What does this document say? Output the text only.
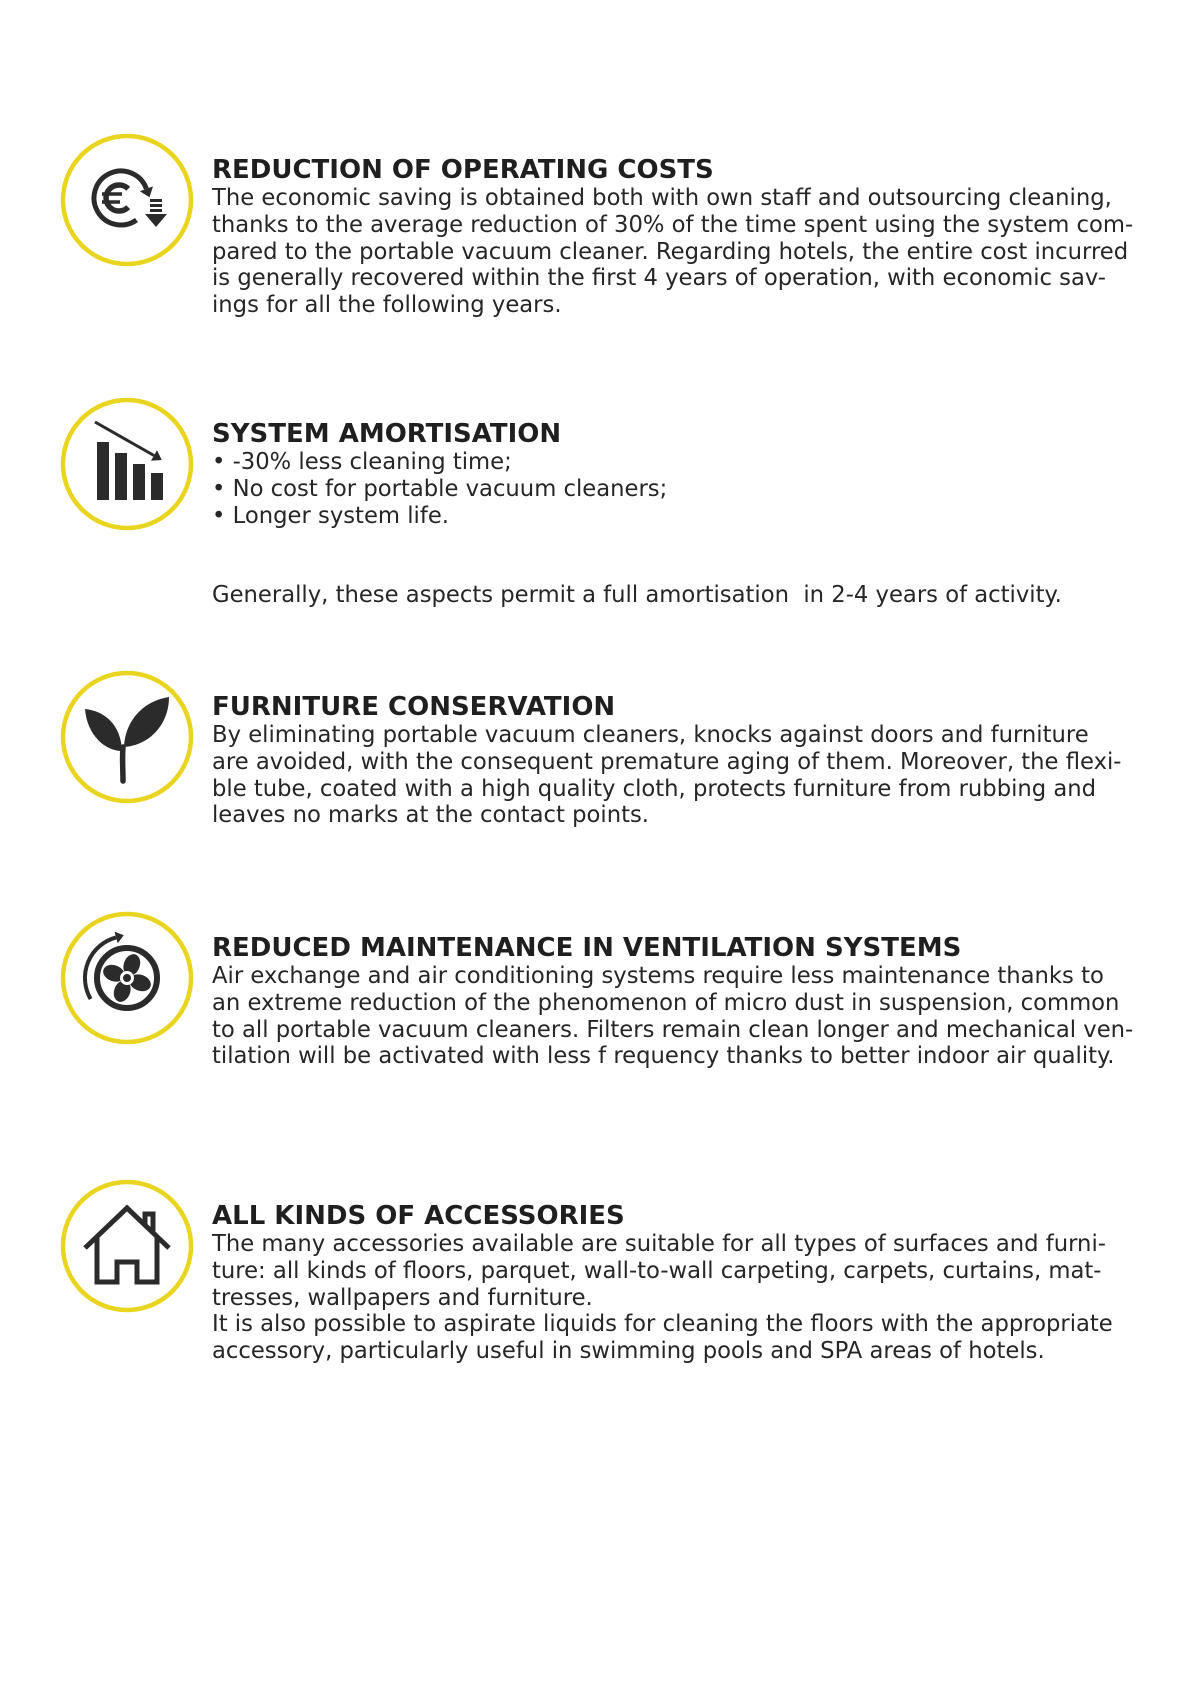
REDUCTION OF OPERATING COSTS
The economic saving is obtained both with own staff and outsourcing cleaning,
thanks to the average reduction of 30% of the time spent using the system com-
pared to the portable vacuum cleaner. Regarding hotels, the entire cost incurred
is generally recovered within the first 4 years of operation, with economic sav-
ings for all the following years.
SYSTEM AMORTISATION
• -30% less cleaning time;
• No cost for portable vacuum cleaners;
• Longer system life.
Generally, these aspects permit a full amortisation  in 2-4 years of activity.
FURNITURE CONSERVATION
By eliminating portable vacuum cleaners, knocks against doors and furniture
are avoided, with the consequent premature aging of them. Moreover, the flexi-
ble tube, coated with a high quality cloth, protects furniture from rubbing and
leaves no marks at the contact points.
REDUCED MAINTENANCE IN VENTILATION SYSTEMS
Air exchange and air conditioning systems require less maintenance thanks to
an extreme reduction of the phenomenon of micro dust in suspension, common
to all portable vacuum cleaners. Filters remain clean longer and mechanical ven-
tilation will be activated with less f requency thanks to better indoor air quality.
ALL KINDS OF ACCESSORIES
The many accessories available are suitable for all types of surfaces and furni-
ture: all kinds of floors, parquet, wall-to-wall carpeting, carpets, curtains, mat-
tresses, wallpapers and furniture.
It is also possible to aspirate liquids for cleaning the floors with the appropriate
accessory, particularly useful in swimming pools and SPA areas of hotels.
